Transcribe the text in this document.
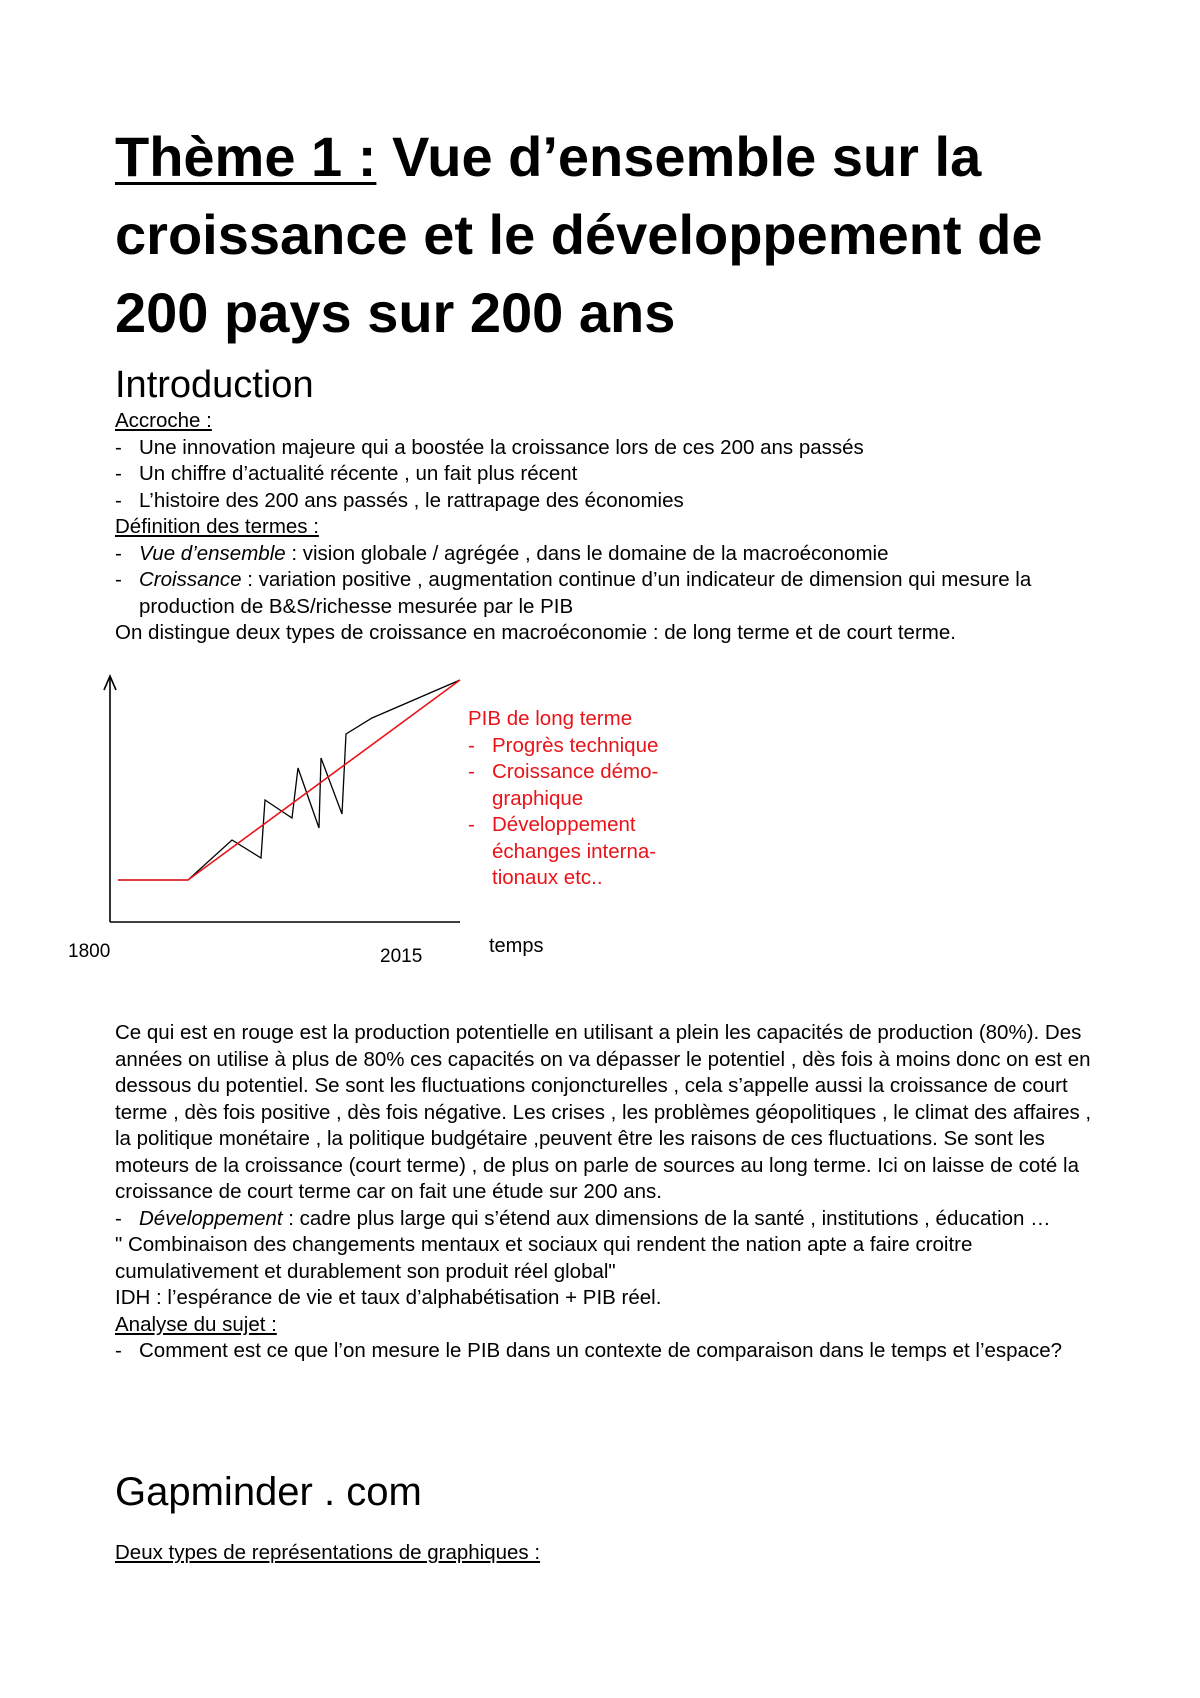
Thème 1 : Vue d’ensemble sur la croissance et le développement de 200 pays sur 200 ans
Introduction

Accroche :

- Une innovation majeure qui a boostée la croissance lors de ces 200 ans passés

- Un chiffre d’actualité récente , un fait plus récent

- L’histoire des 200 ans passés , le rattrapage des économies

Définition des termes :

- Vue d’ensemble : vision globale / agrégée , dans le domaine de la macroéconomie

- Croissance : variation positive , augmentation continue d’un indicateur de dimension qui mesure la production de B&S/richesse mesurée par le PIB

On distingue deux types de croissance en macroéconomie : de long terme et de court terme.

1800	2015	temps

PIB de long terme

- Progrès technique

- Croissance démo-
graphique

- Développement
échanges interna-
tionaux etc..

Ce qui est en rouge est la production potentielle en utilisant a plein les capacités de production (80%). Des années on utilise à plus de 80% ces capacités on va dépasser le potentiel , dès fois à moins donc on est en dessous du potentiel. Se sont les fluctuations conjoncturelles , cela s’appelle aussi la croissance de court terme , dès fois positive , dès fois négative. Les crises , les problèmes géopolitiques , le climat des affaires , la politique monétaire , la politique budgétaire ,peuvent être les raisons de ces fluctuations. Se sont les moteurs de la croissance (court terme) , de plus on parle de sources au long terme. Ici on laisse de coté la croissance de court terme car on fait une étude sur 200 ans.

- Développement : cadre plus large qui s’étend aux dimensions de la santé , institutions , éducation …

" Combinaison des changements mentaux et sociaux qui rendent the nation apte a faire croitre cumulativement et durablement son produit réel global"

IDH : l’espérance de vie et taux d’alphabétisation + PIB réel.

Analyse du sujet :

- Comment est ce que l’on mesure le PIB dans un contexte de comparaison dans le temps et l’espace?

Gapminder . com

Deux types de représentations de graphiques :
